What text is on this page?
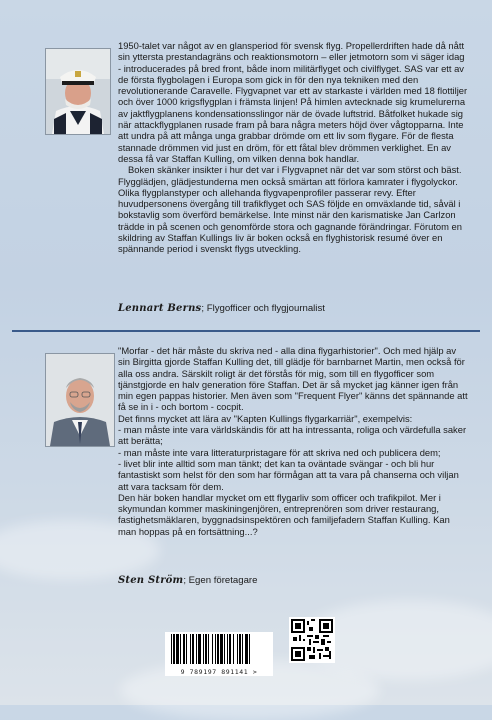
1950-talet var något av en glansperiod för svensk flyg. Propellerdriften hade då nått sin yttersta prestandagräns och reaktionsmotorn – eller jetmotorn som vi säger idag - introducerades på bred front, både inom militärflyget och civilflyget. SAS var ett av de första flygbolagen i Europa som gick in för den nya tekniken med den revolutionerande Caravelle. Flygvapnet var ett av starkaste i världen med 18 flottiljer och över 1000 krigsflygplan i främsta linjen! På himlen avtecknade sig krumelurerna av jaktflygplanens kondensationsslingor när de övade luftstrid. Båtfolket hukade sig när attackflygplanen rusade fram på bara några meters höjd över vågtopparna. Inte att undra på att många unga grabbar drömde om ett liv som flygare. För de flesta stannade drömmen vid just en dröm, för ett fåtal blev drömmen verklighet. En av dessa få var Staffan Kulling, om vilken denna bok handlar.

Boken skänker insikter i hur det var i Flygvapnet när det var som störst och bäst. Flygglädjen, glädjestunderna men också smärtan att förlora kamrater i flygolyckor. Olika flygplanstyper och allehanda flygvapenprofiler passerar revy. Efter huvudpersonens övergång till trafikflyget och SAS följde en omväxlande tid, såväl i bokstavlig som överförd bemärkelse. Inte minst när den karismatiske Jan Carlzon trädde in på scenen och genomförde stora och gagnande förändringar. Förutom en skildring av Staffan Kullings liv är boken också en flyghistorisk resumé över en spännande period i svenskt flygs utveckling.

Lennart Berns; Flygofficer och flygjournalist

"Morfar - det här måste du skriva ned - alla dina flygarhistorier". Och med hjälp av sin Birgitta gjorde Staffan Kulling det, till glädje för barnbarnet Martin, men också för alla oss andra. Särskilt roligt är det förstås för mig, som till en flygofficer som tjänstgjorde en halv generation före Staffan. Det är så mycket jag känner igen från min egen pappas historier. Men även som "Frequent Flyer" känns det spännande att få se in i - och bortom - cocpit.

Det finns mycket att lära av "Kapten Kullings flygarkarriär", exempelvis:

- man måste inte vara världskändis för att ha intressanta, roliga och värdefulla saker att berätta;

- man måste inte vara litteraturpristagare för att skriva ned och publicera dem;

- livet blir inte alltid som man tänkt; det kan ta oväntade svängar - och bli hur fantastiskt som helst för den som har förmågan att ta vara på chanserna och viljan att vara tacksam för dem.

Den här boken handlar mycket om ett flygarliv som officer och trafikpilot. Mer i skymundan kommer maskiningenjören, entreprenören som driver restaurang, fastighetsmäklaren, byggnadsinspektören och familjefadern Staffan Kulling. Kan man hoppas på en fortsättning...?

Sten Ström; Egen företagare
9 789197 891141 >
